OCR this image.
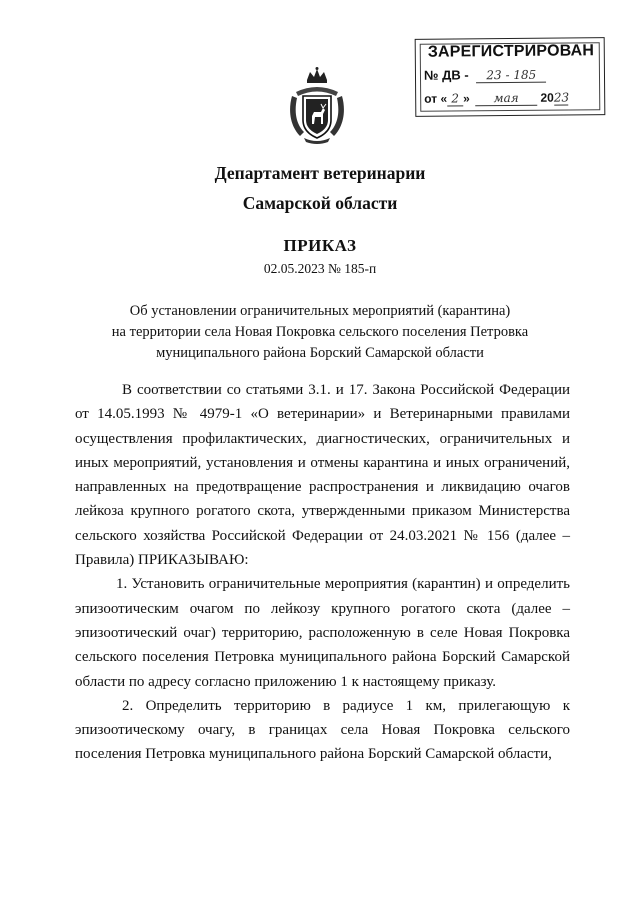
ЗАРЕГИСТРИРОВАН
№ ДВ - 23 - 185
от « 2 » мая 2023
Департамент ветеринарии
Самарской области
ПРИКАЗ
02.05.2023 № 185-п
Об установлении ограничительных мероприятий (карантина)
на территории села Новая Покровка сельского поселения Петровка
муниципального района Борский Самарской области

В соответствии со статьями 3.1. и 17. Закона Российской Федерации от 14.05.1993 № 4979-1 «О ветеринарии» и Ветеринарными правилами осуществления профилактических, диагностических, ограничительных и иных мероприятий, установления и отмены карантина и иных ограничений, направленных на предотвращение распространения и ликвидацию очагов лейкоза крупного рогатого скота, утвержденными приказом Министерства сельского хозяйства Российской Федерации от 24.03.2021 № 156 (далее – Правила) ПРИКАЗЫВАЮ:

1. Установить ограничительные мероприятия (карантин) и определить эпизоотическим очагом по лейкозу крупного рогатого скота (далее – эпизоотический очаг) территорию, расположенную в селе Новая Покровка сельского поселения Петровка муниципального района Борский Самарской области по адресу согласно приложению 1 к настоящему приказу.

2. Определить территорию в радиусе 1 км, прилегающую к эпизоотическому очагу, в границах села Новая Покровка сельского поселения Петровка муниципального района Борский Самарской области,
